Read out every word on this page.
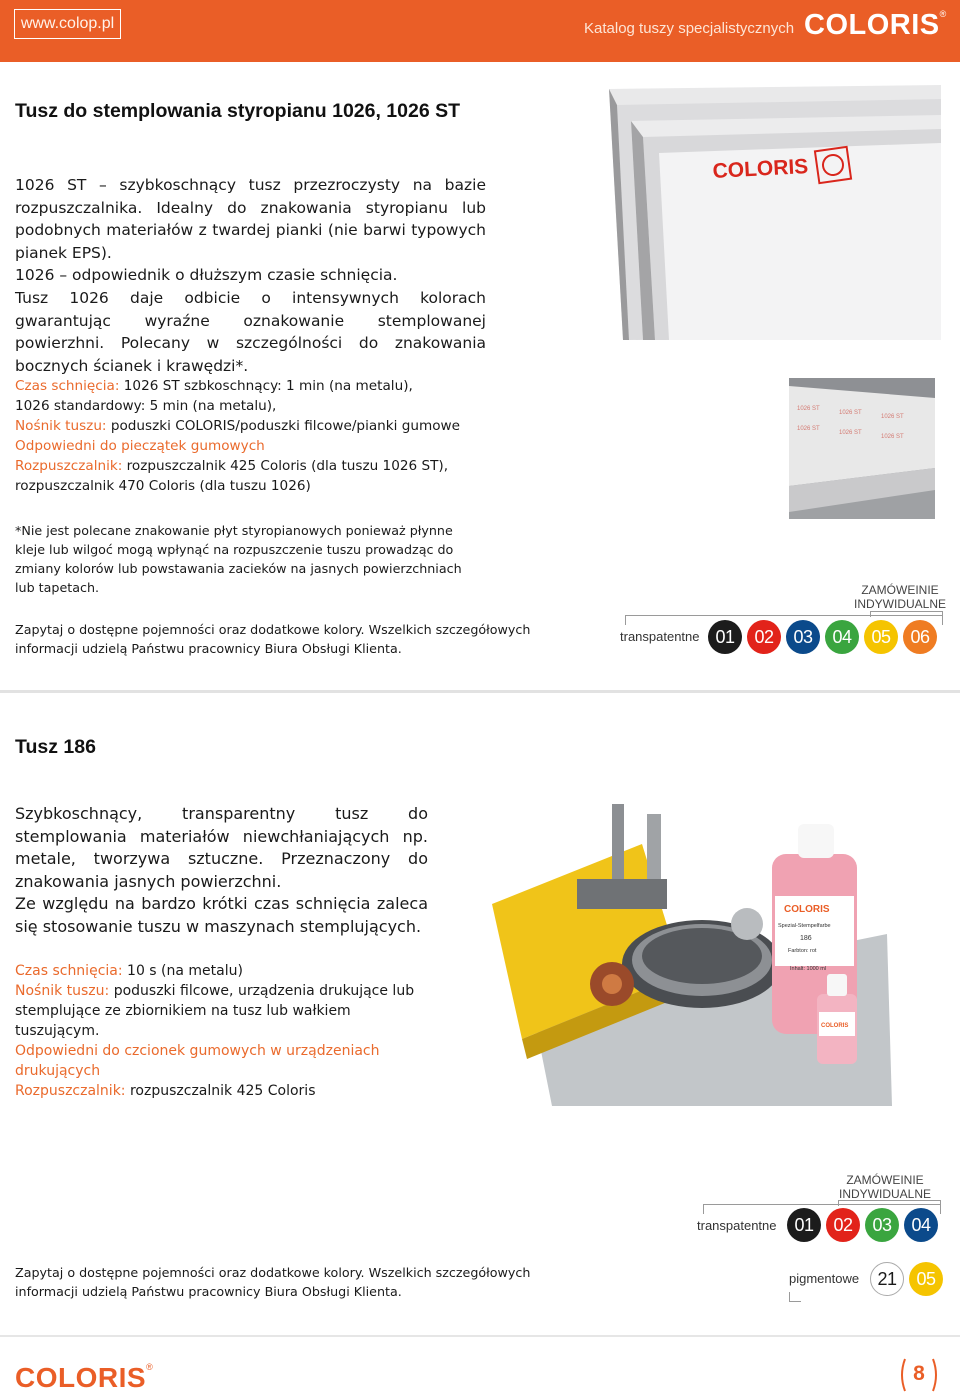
www.colop.pl	Katalog tuszy specjalistycznych COLORIS®
Tusz do stemplowania styropianu 1026, 1026 ST

1026 ST – szybkoschnący tusz przezroczysty na bazie rozpuszczalnika. Idealny do znakowania styropianu lub podobnych materiałów z twardej pianki (nie barwi typowych pianek EPS).

1026 – odpowiednik o dłuższym czasie schnięcia.

Tusz 1026 daje odbicie o intensywnych kolorach gwarantując wyraźne oznakowanie stemplowanej powierzhni. Polecany w szczególności do znakowania bocznych ścianek i krawędzi*.

Czas schnięcia: 1026 ST szbkoschnący: 1 min (na metalu),

1026 standardowy: 5 min (na metalu),

Nośnik tuszu: poduszki COLORIS/poduszki filcowe/pianki gumowe

Odpowiedni do pieczątek gumowych

Rozpuszczalnik: rozpuszczalnik 425 Coloris (dla tuszu 1026 ST),

rozpuszczalnik 470 Coloris (dla tuszu 1026)

*Nie jest polecane znakowanie płyt styropianowych ponieważ płynne kleje lub wilgoć mogą wpłynąć na rozpuszczenie tuszu prowadząc do zmiany kolorów lub powstawania zacieków na jasnych powierzchniach lub tapetach.
Zapytaj o dostępne pojemności oraz dodatkowe kolory. Wszelkich szczegółowych informacji udzielą Państwu pracownicy Biura Obsługi Klienta.
COLORIS
1026 ST
1026 ST
1026 ST
1026 ST
1026 ST
1026 ST
ZAMÓWEINIE
INDYWIDUALNE
transpatentne 01	02	03	04	05	06
Tusz 186

Szybkoschnący, transparentny tusz do stemplowania materiałów niewchłaniających np. metale, tworzywa sztuczne. Przeznaczony do znakowania jasnych powierzchni.

Ze względu na bardzo krótki czas schnięcia zaleca się stosowanie tuszu w maszynach stemplujących.

Czas schnięcia: 10 s (na metalu)

Nośnik tuszu: poduszki filcowe, urządzenia drukujące lub stemplujące ze zbiornikiem na tusz lub wałkiem tuszującym.

Odpowiedni do czcionek gumowych w urządzeniach drukujących

Rozpuszczalnik: rozpuszczalnik 425 Coloris

COLORIS
Spezial-Stempelfarbe
186
Farbton: rot
Inhalt: 1000 ml
COLORIS
ZAMÓWEINIE
INDYWIDUALNE
transpatentne 01	02	03	04
pigmentowe	21	05
Zapytaj o dostępne pojemności oraz dodatkowe kolory. Wszelkich szczegółowych informacji udzielą Państwu pracownicy Biura Obsługi Klienta.
COLORIS®	8
